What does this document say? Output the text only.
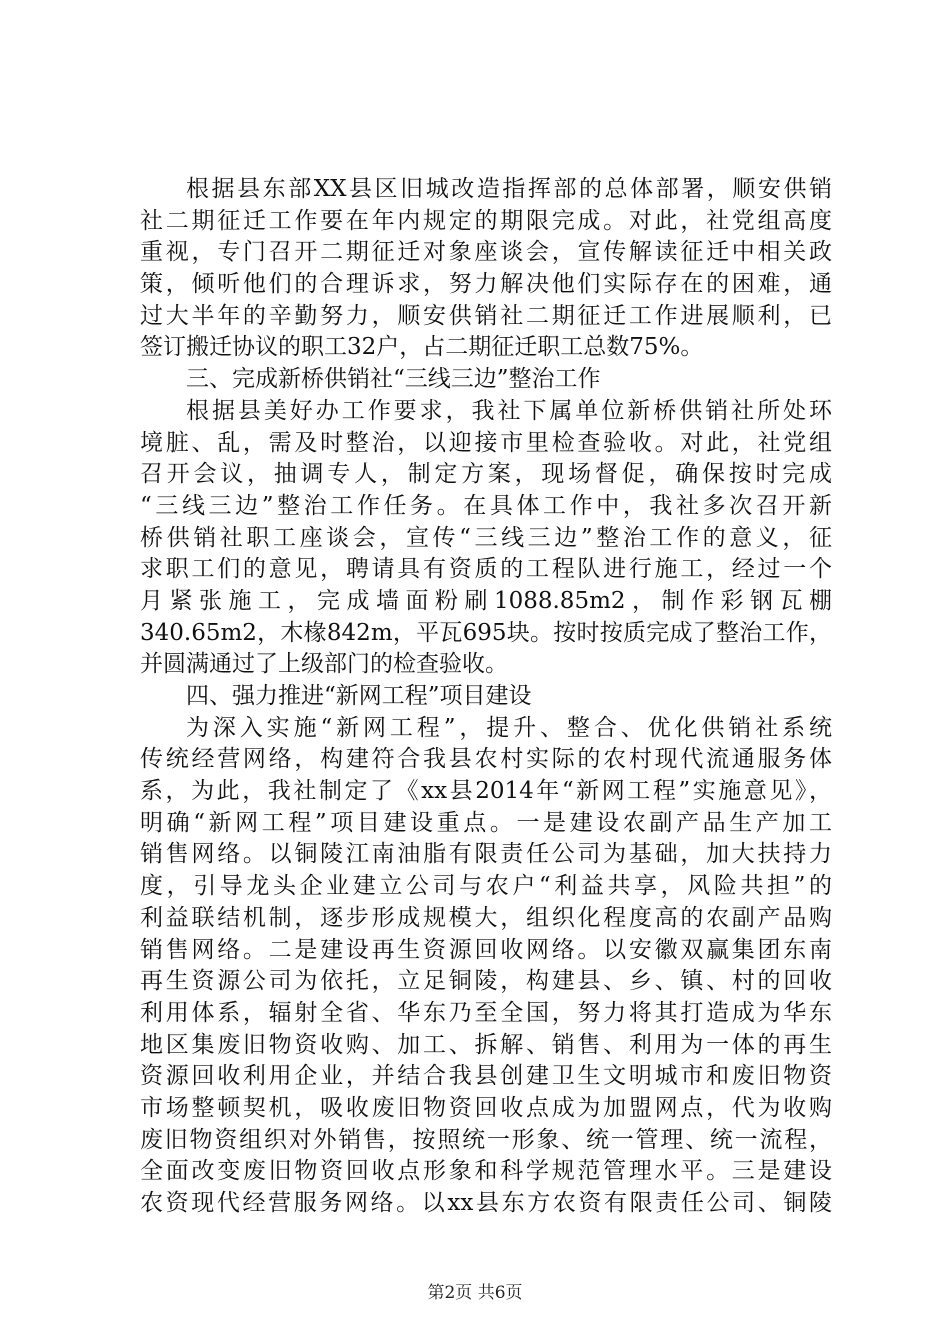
根据县东部XX县区旧城改造指挥部的总体部署，顺安供销
社二期征迁工作要在年内规定的期限完成。对此，社党组高度
重视，专门召开二期征迁对象座谈会，宣传解读征迁中相关政
策，倾听他们的合理诉求，努力解决他们实际存在的困难，通
过大半年的辛勤努力，顺安供销社二期征迁工作进展顺利，已
签订搬迁协议的职工32户，占二期征迁职工总数75%。
三、完成新桥供销社“三线三边”整治工作
根据县美好办工作要求，我社下属单位新桥供销社所处环
境脏、乱，需及时整治，以迎接市里检查验收。对此，社党组
召开会议，抽调专人，制定方案，现场督促，确保按时完成
“三线三边”整治工作任务。在具体工作中，我社多次召开新
桥供销社职工座谈会，宣传“三线三边”整治工作的意义，征
求职工们的意见，聘请具有资质的工程队进行施工，经过一个
月紧张施工，完成墙面粉刷1088.85m2，制作彩钢瓦棚
340.65m2，木椽842m，平瓦695块。按时按质完成了整治工作，
并圆满通过了上级部门的检查验收。
四、强力推进“新网工程”项目建设
为深入实施“新网工程”，提升、整合、优化供销社系统
传统经营网络，构建符合我县农村实际的农村现代流通服务体
系，为此，我社制定了《xx县2014年“新网工程”实施意见》，
明确“新网工程”项目建设重点。一是建设农副产品生产加工
销售网络。以铜陵江南油脂有限责任公司为基础，加大扶持力
度，引导龙头企业建立公司与农户“利益共享，风险共担”的
利益联结机制，逐步形成规模大，组织化程度高的农副产品购
销售网络。二是建设再生资源回收网络。以安徽双赢集团东南
再生资源公司为依托，立足铜陵，构建县、乡、镇、村的回收
利用体系，辐射全省、华东乃至全国，努力将其打造成为华东
地区集废旧物资收购、加工、拆解、销售、利用为一体的再生
资源回收利用企业，并结合我县创建卫生文明城市和废旧物资
市场整顿契机，吸收废旧物资回收点成为加盟网点，代为收购
废旧物资组织对外销售，按照统一形象、统一管理、统一流程，
全面改变废旧物资回收点形象和科学规范管理水平。三是建设
农资现代经营服务网络。以xx县东方农资有限责任公司、铜陵
第2页 共6页
